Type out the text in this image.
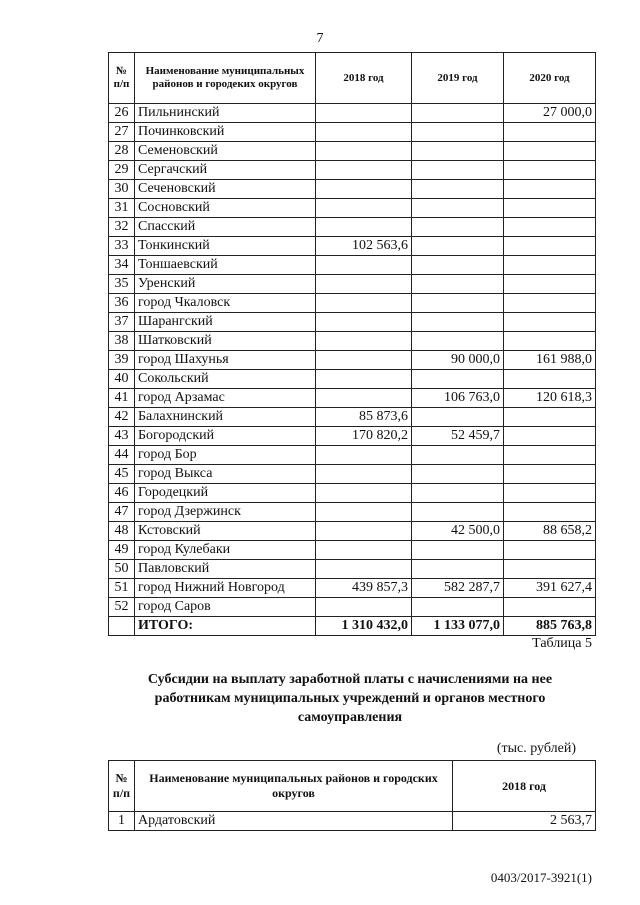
7
№ п/п	Наименование муниципальных районов и городеких округов	2018 год	2019 год	2020 год
26	Пильнинский			27 000,0
27	Починковский			
28	Семеновский			
29	Сергачский			
30	Сеченовский			
31	Сосновский			
32	Спасский			
33	Тонкинский	102 563,6		
34	Тоншаевский			
35	Уренский			
36	город Чкаловск			
37	Шарангский			
38	Шатковский			
39	город Шахунья		90 000,0	161 988,0
40	Сокольский			
41	город Арзамас		106 763,0	120 618,3
42	Балахнинский	85 873,6		
43	Богородский	170 820,2	52 459,7	
44	город Бор			
45	город Выкса			
46	Городецкий			
47	город Дзержинск			
48	Кстовский		42 500,0	88 658,2
49	город Кулебаки			
50	Павловский			
51	город Нижний Новгород	439 857,3	582 287,7	391 627,4
52	город Саров			
	ИТОГО:	1 310 432,0	1 133 077,0	885 763,8
Таблица 5
Субсидии на выплату заработной платы с начислениями на нее работникам муниципальных учреждений и органов местного самоуправления
(тыс. рублей)
№ п/п	Наименование муниципальных районов и городских округов	2018 год
1	Ардатовский	2 563,7
0403/2017-3921(1)
